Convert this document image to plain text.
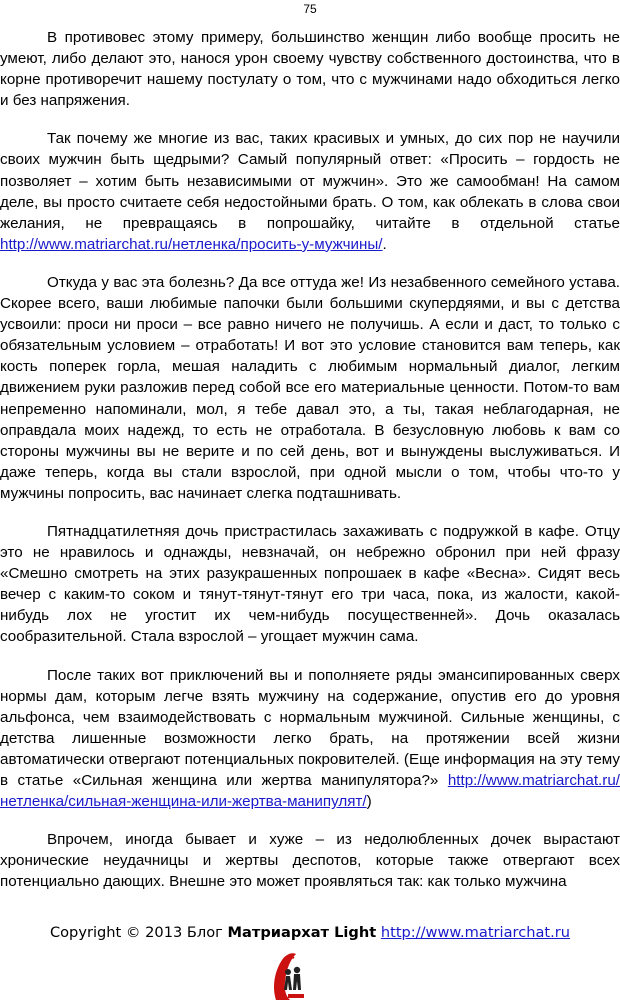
75

В противовес этому примеру, большинство женщин либо вообще просить не умеют, либо делают это, нанося урон своему чувству собственного достоинства, что в корне противоречит нашему постулату о том, что с мужчинами надо обходиться легко и без напряжения.

Так почему же многие из вас, таких красивых и умных, до сих пор не научили своих мужчин быть щедрыми? Самый популярный ответ: «Просить – гордость не позволяет – хотим быть независимыми от мужчин». Это же самообман! На самом деле, вы просто считаете себя недостойными брать. О том, как облекать в слова свои желания, не превращаясь в попрошайку, читайте в отдельной статье http://www.matriarchat.ru/нетленка/просить-у-мужчины/.

Откуда у вас эта болезнь? Да все оттуда же! Из незабвенного семейного устава. Скорее всего, ваши любимые папочки были большими скупердяями, и вы с детства усвоили: проси ни проси – все равно ничего не получишь. А если и даст, то только с обязательным условием – отработать! И вот это условие становится вам теперь, как кость поперек горла, мешая наладить с любимым нормальный диалог, легким движением руки разложив перед собой все его материальные ценности. Потом-то вам непременно напоминали, мол, я тебе давал это, а ты, такая неблагодарная, не оправдала моих надежд, то есть не отработала. В безусловную любовь к вам со стороны мужчины вы не верите и по сей день, вот и вынуждены выслуживаться. И даже теперь, когда вы стали взрослой, при одной мысли о том, чтобы что-то у мужчины попросить, вас начинает слегка подташнивать.

Пятнадцатилетняя дочь пристрастилась захаживать с подружкой в кафе. Отцу это не нравилось и однажды, невзначай, он небрежно обронил при ней фразу «Смешно смотреть на этих разукрашенных попрошаек в кафе «Весна». Сидят весь вечер с каким-то соком и тянут-тянут-тянут его три часа, пока, из жалости, какой-нибудь лох не угостит их чем-нибудь посущественней». Дочь оказалась сообразительной. Стала взрослой – угощает мужчин сама.

После таких вот приключений вы и пополняете ряды эмансипированных сверх нормы дам, которым легче взять мужчину на содержание, опустив его до уровня альфонса, чем взаимодействовать с нормальным мужчиной. Сильные женщины, с детства лишенные возможности легко брать, на протяжении всей жизни автоматически отвергают потенциальных покровителей. (Еще информация на эту тему в статье «Сильная женщина или жертва манипулятора?» http://www.matriarchat.ru/нетленка/сильная-женщина-или-жертва-манипулят/)

Впрочем, иногда бывает и хуже – из недолюбленных дочек вырастают хронические неудачницы и жертвы деспотов, которые также отвергают всех потенциально дающих. Внешне это может проявляться так: как только мужчина

Copyright © 2013 Блог Матриархат Light http://www.matriarchat.ru
